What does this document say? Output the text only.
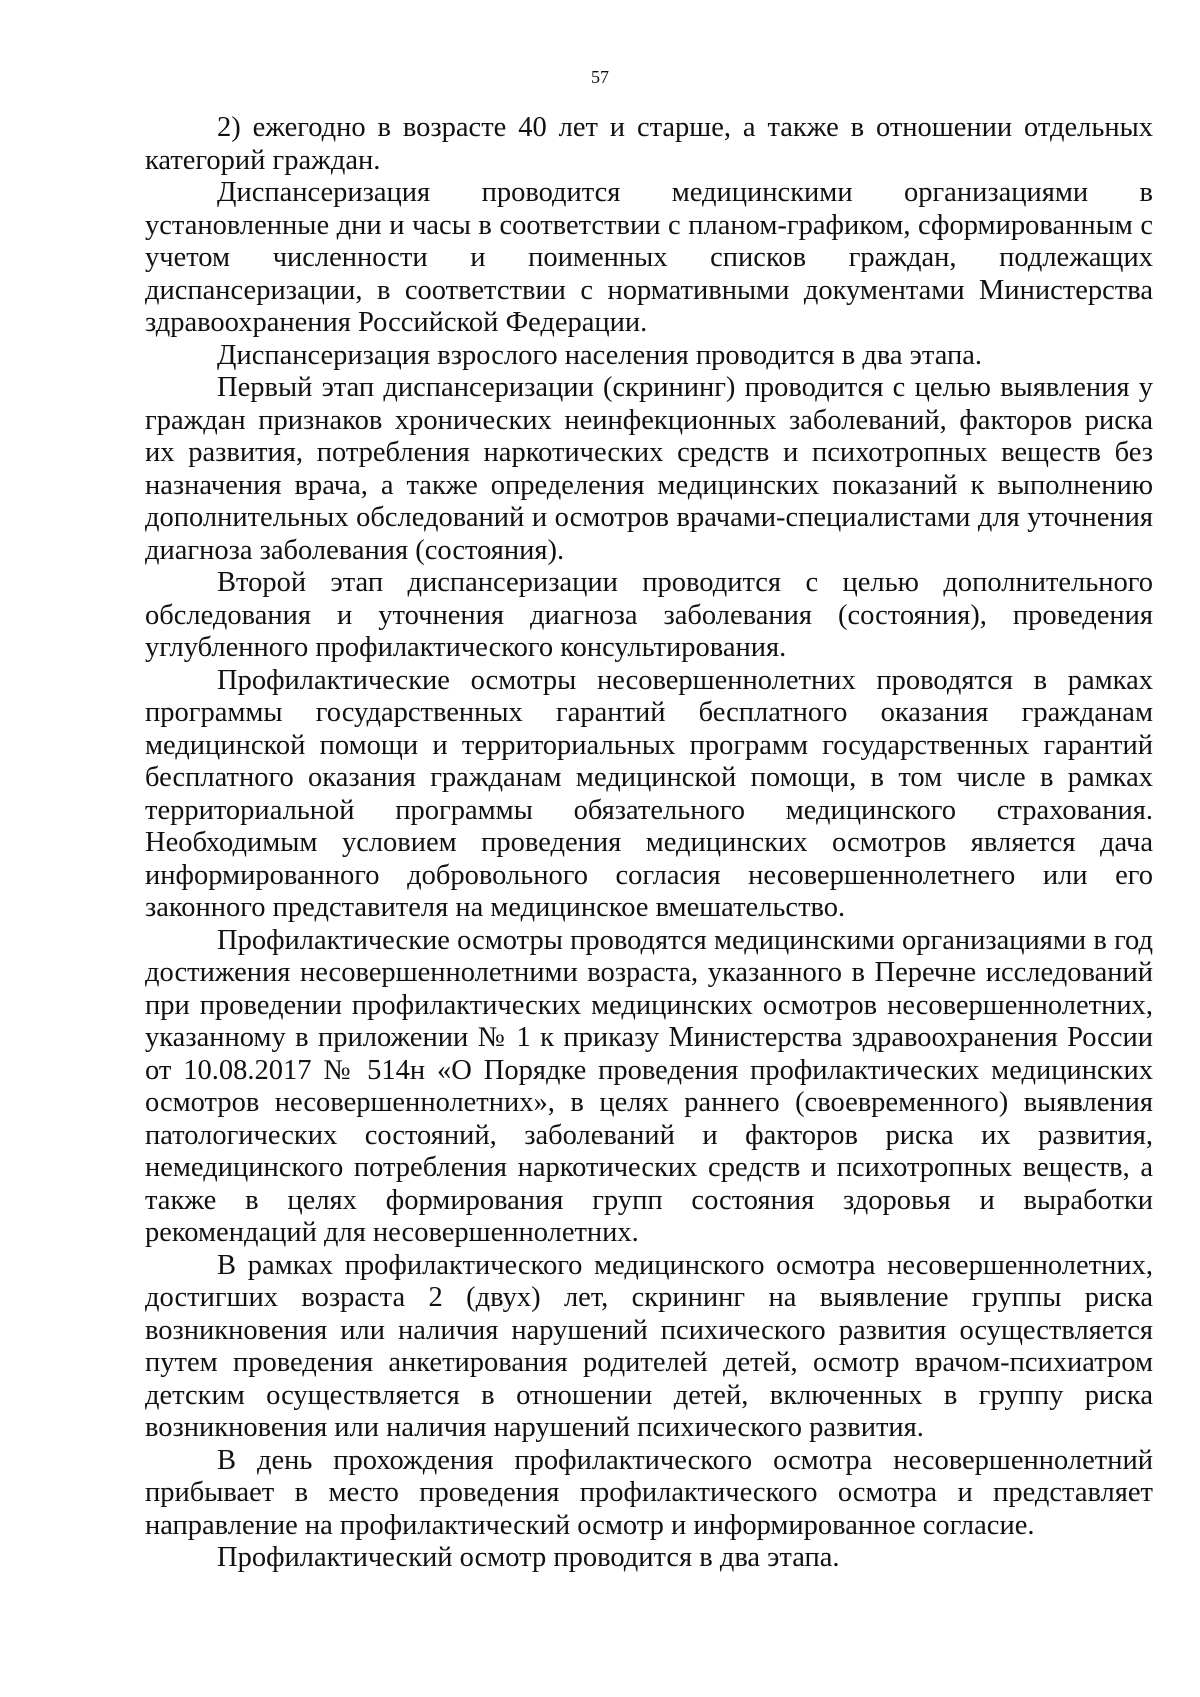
57

2) ежегодно в возрасте 40 лет и старше, а также в отношении отдельных категорий граждан.

Диспансеризация проводится медицинскими организациями в установленные дни и часы в соответствии с планом-графиком, сформированным с учетом численности и поименных списков граждан, подлежащих диспансеризации, в соответствии с нормативными документами Министерства здравоохранения Российской Федерации.

Диспансеризация взрослого населения проводится в два этапа.

Первый этап диспансеризации (скрининг) проводится с целью выявления у граждан признаков хронических неинфекционных заболеваний, факторов риска их развития, потребления наркотических средств и психотропных веществ без назначения врача, а также определения медицинских показаний к выполнению дополнительных обследований и осмотров врачами-специалистами для уточнения диагноза заболевания (состояния).

Второй этап диспансеризации проводится с целью дополнительного обследования и уточнения диагноза заболевания (состояния), проведения углубленного профилактического консультирования.

Профилактические осмотры несовершеннолетних проводятся в рамках программы государственных гарантий бесплатного оказания гражданам медицинской помощи и территориальных программ государственных гарантий бесплатного оказания гражданам медицинской помощи, в том числе в рамках территориальной программы обязательного медицинского страхования. Необходимым условием проведения медицинских осмотров является дача информированного добровольного согласия несовершеннолетнего или его законного представителя на медицинское вмешательство.

Профилактические осмотры проводятся медицинскими организациями в год достижения несовершеннолетними возраста, указанного в Перечне исследований при проведении профилактических медицинских осмотров несовершеннолетних, указанному в приложении № 1 к приказу Министерства здравоохранения России от 10.08.2017 № 514н «О Порядке проведения профилактических медицинских осмотров несовершеннолетних», в целях раннего (своевременного) выявления патологических состояний, заболеваний и факторов риска их развития, немедицинского потребления наркотических средств и психотропных веществ, а также в целях формирования групп состояния здоровья и выработки рекомендаций для несовершеннолетних.

В рамках профилактического медицинского осмотра несовершеннолетних, достигших возраста 2 (двух) лет, скрининг на выявление группы риска возникновения или наличия нарушений психического развития осуществляется путем проведения анкетирования родителей детей, осмотр врачом-психиатром детским осуществляется в отношении детей, включенных в группу риска возникновения или наличия нарушений психического развития.

В день прохождения профилактического осмотра несовершеннолетний прибывает в место проведения профилактического осмотра и представляет направление на профилактический осмотр и информированное согласие.

Профилактический осмотр проводится в два этапа.
